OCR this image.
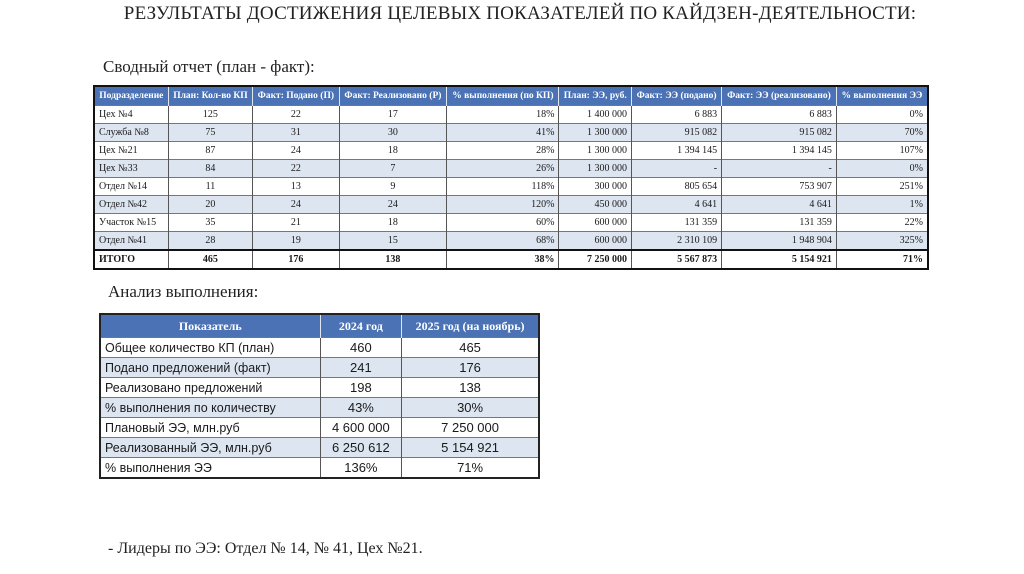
РЕЗУЛЬТАТЫ ДОСТИЖЕНИЯ ЦЕЛЕВЫХ ПОКАЗАТЕЛЕЙ ПО КАЙДЗЕН-ДЕЯТЕЛЬНОСТИ:
Сводный отчет (план - факт):
Подразделение	План: Кол-во КП	Факт: Подано (П)	Факт: Реализовано (Р)	% выполнения (по КП)	План: ЭЭ, руб.	Факт: ЭЭ (подано)	Факт: ЭЭ (реализовано)	% выполнения ЭЭ
Цех №4	125	22	17	18%	1 400 000	6 883	6 883	0%
Служба №8	75	31	30	41%	1 300 000	915 082	915 082	70%
Цех №21	87	24	18	28%	1 300 000	1 394 145	1 394 145	107%
Цех №33	84	22	7	26%	1 300 000	-	-	0%
Отдел №14	11	13	9	118%	300 000	805 654	753 907	251%
Отдел №42	20	24	24	120%	450 000	4 641	4 641	1%
Участок №15	35	21	18	60%	600 000	131 359	131 359	22%
Отдел №41	28	19	15	68%	600 000	2 310 109	1 948 904	325%
ИТОГО	465	176	138	38%	7 250 000	5 567 873	5 154 921	71%
Анализ выполнения:
Показатель	2024 год	2025 год (на ноябрь)
Общее количество КП (план)	460	465
Подано предложений (факт)	241	176
Реализовано предложений	198	138
% выполнения по количеству	43%	30%
Плановый ЭЭ, млн.руб	4 600 000	7 250 000
Реализованный ЭЭ, млн.руб	6 250 612	5 154 921
% выполнения ЭЭ	136%	71%
- Лидеры по ЭЭ: Отдел № 14, № 41, Цех №21.
